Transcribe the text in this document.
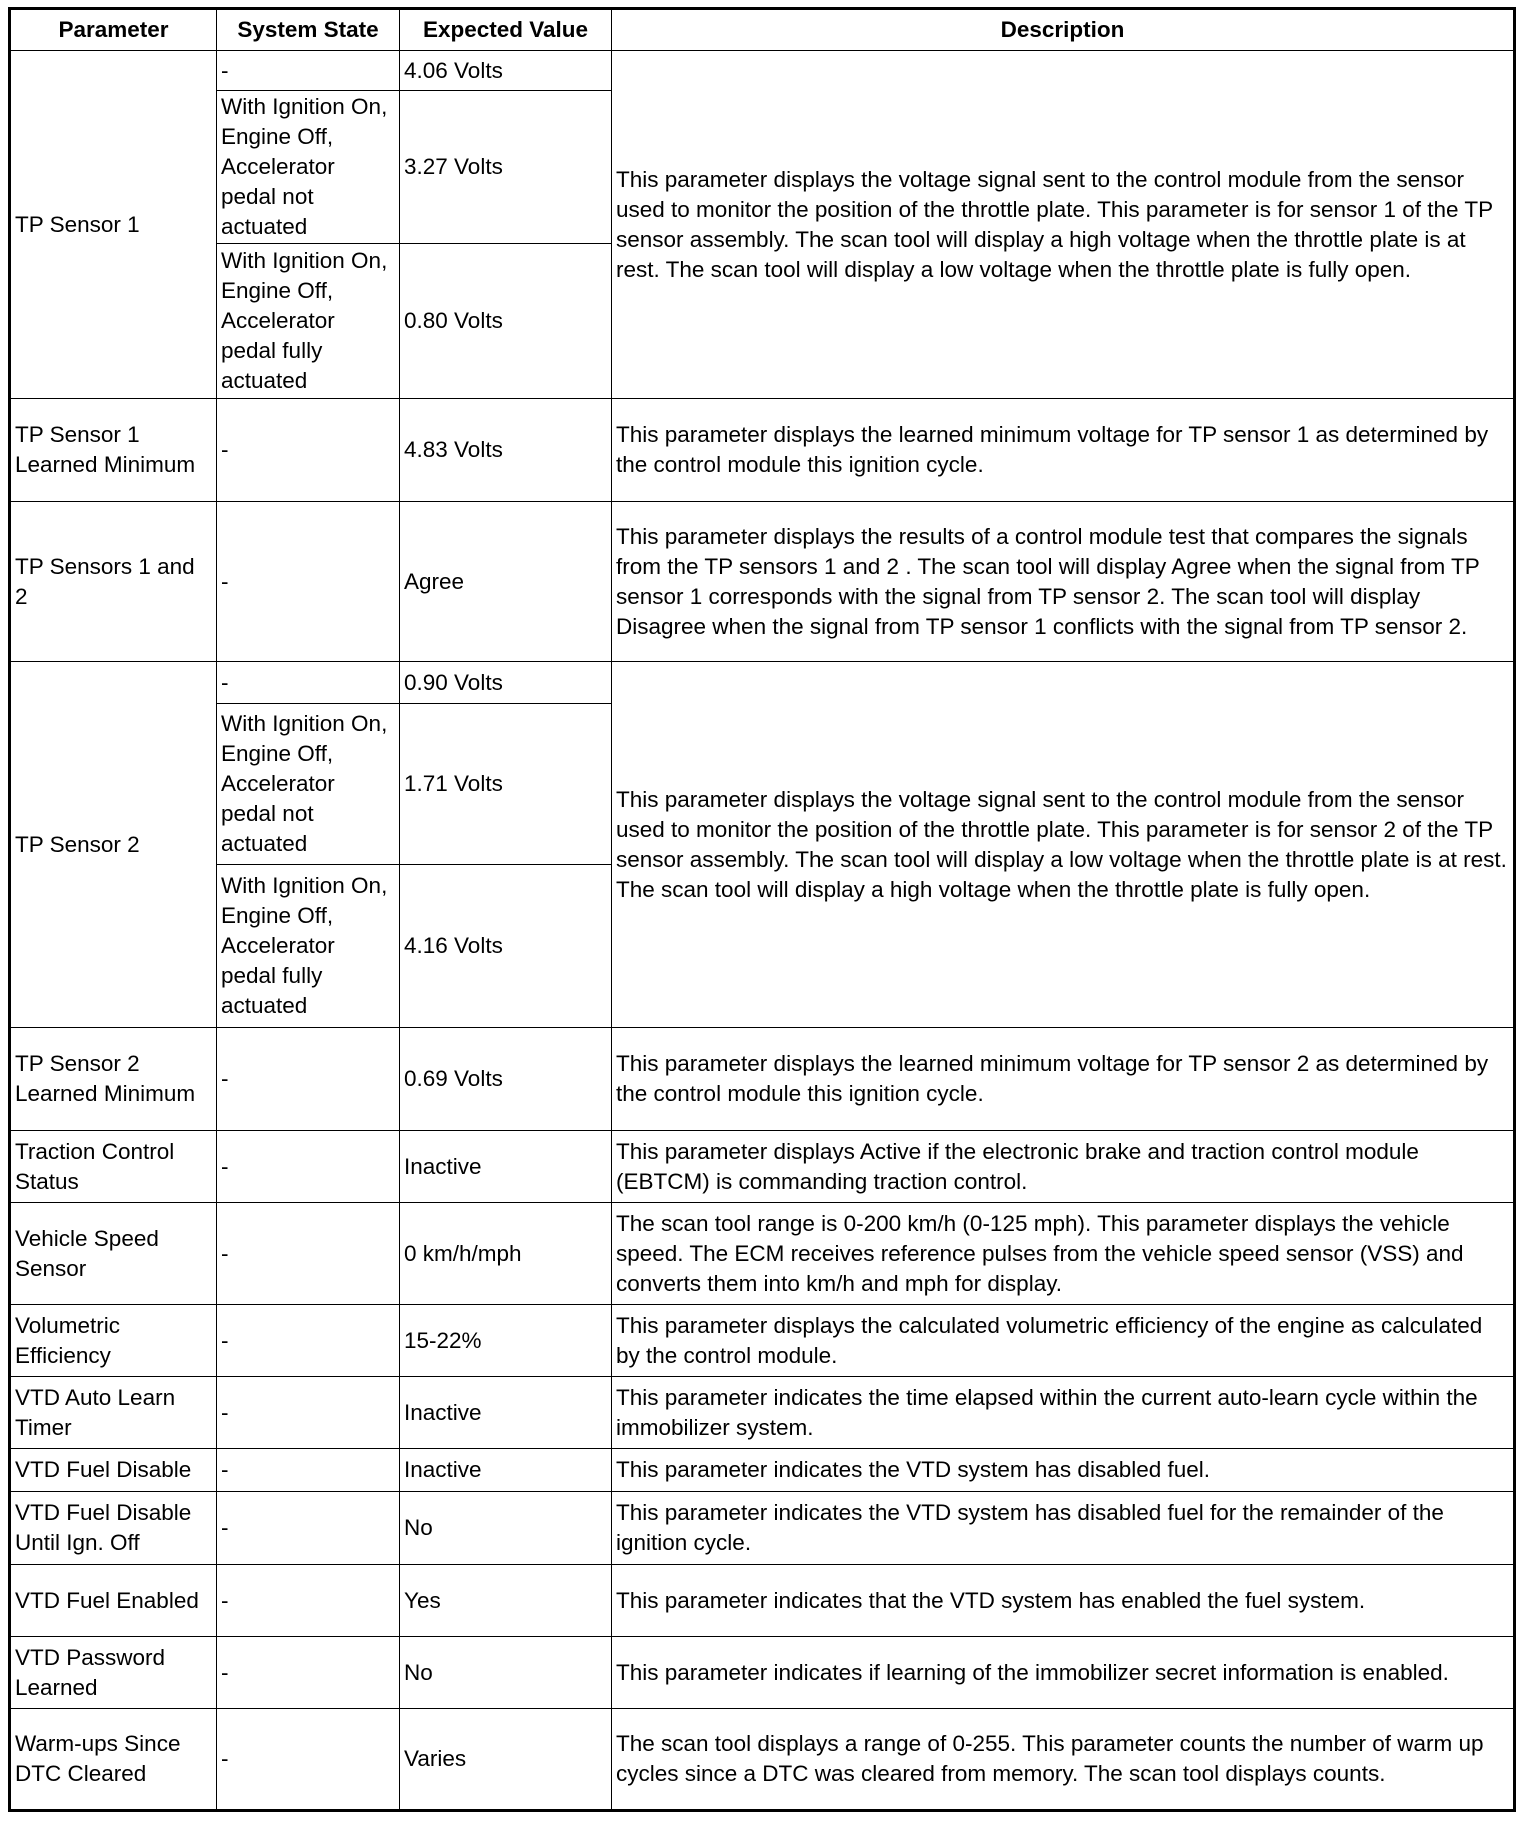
Parameter	System State	Expected Value	Description
TP Sensor 1	-	4.06 Volts	This parameter displays the voltage signal sent to the control module from the sensor used to monitor the position of the throttle plate. This parameter is for sensor 1 of the TP sensor assembly. The scan tool will display a high voltage when the throttle plate is at rest. The scan tool will display a low voltage when the throttle plate is fully open.
	With Ignition On, Engine Off, Accelerator pedal not actuated	3.27 Volts	
	With Ignition On, Engine Off, Accelerator pedal fully actuated	0.80 Volts	
TP Sensor 1 Learned Minimum	-	4.83 Volts	This parameter displays the learned minimum voltage for TP sensor 1 as determined by the control module this ignition cycle.
TP Sensors 1 and 2	-	Agree	This parameter displays the results of a control module test that compares the signals from the TP sensors 1 and 2 . The scan tool will display Agree when the signal from TP sensor 1 corresponds with the signal from TP sensor 2. The scan tool will display Disagree when the signal from TP sensor 1 conflicts with the signal from TP sensor 2.
TP Sensor 2	-	0.90 Volts	This parameter displays the voltage signal sent to the control module from the sensor used to monitor the position of the throttle plate. This parameter is for sensor 2 of the TP sensor assembly. The scan tool will display a low voltage when the throttle plate is at rest. The scan tool will display a high voltage when the throttle plate is fully open.
	With Ignition On, Engine Off, Accelerator pedal not actuated	1.71 Volts	
	With Ignition On, Engine Off, Accelerator pedal fully actuated	4.16 Volts	
TP Sensor 2 Learned Minimum	-	0.69 Volts	This parameter displays the learned minimum voltage for TP sensor 2 as determined by the control module this ignition cycle.
Traction Control Status	-	Inactive	This parameter displays Active if the electronic brake and traction control module (EBTCM) is commanding traction control.
Vehicle Speed Sensor	-	0 km/h/mph	The scan tool range is 0-200 km/h (0-125 mph). This parameter displays the vehicle speed. The ECM receives reference pulses from the vehicle speed sensor (VSS) and converts them into km/h and mph for display.
Volumetric Efficiency	-	15-22%	This parameter displays the calculated volumetric efficiency of the engine as calculated by the control module.
VTD Auto Learn Timer	-	Inactive	This parameter indicates the time elapsed within the current auto-learn cycle within the immobilizer system.
VTD Fuel Disable	-	Inactive	This parameter indicates the VTD system has disabled fuel.
VTD Fuel Disable Until Ign. Off	-	No	This parameter indicates the VTD system has disabled fuel for the remainder of the ignition cycle.
VTD Fuel Enabled	-	Yes	This parameter indicates that the VTD system has enabled the fuel system.
VTD Password Learned	-	No	This parameter indicates if learning of the immobilizer secret information is enabled.
Warm-ups Since DTC Cleared	-	Varies	The scan tool displays a range of 0-255. This parameter counts the number of warm up cycles since a DTC was cleared from memory. The scan tool displays counts.
